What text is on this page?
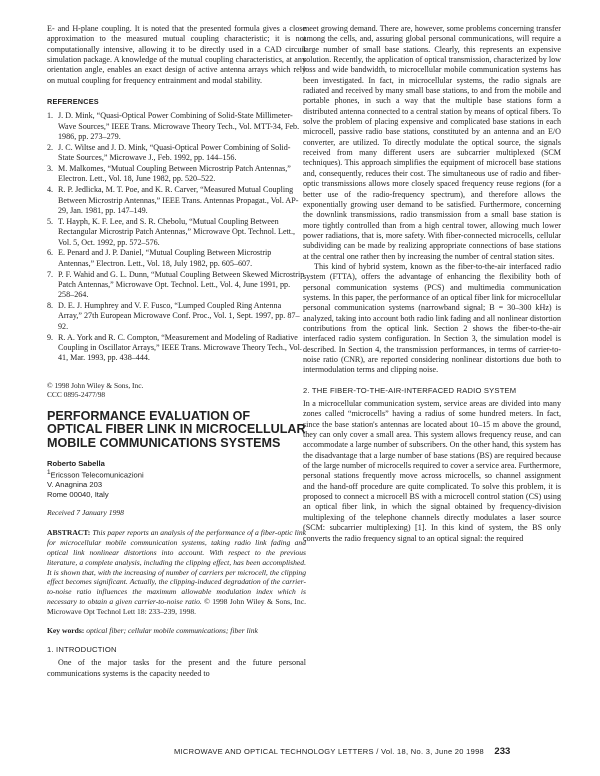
E- and H-plane coupling. It is noted that the presented formula gives a close approximation to the measured mutual coupling characteristic; it is not computationally intensive, allowing it to be directly used in a CAD circuit simulation package. A knowledge of the mutual coupling characteristics, at any orientation angle, enables an exact design of active antenna arrays which rely on mutual coupling for frequency entrainment and modal stability.

REFERENCES
1. J. D. Mink, “Quasi-Optical Power Combining of Solid-State Millimeter-Wave Sources,” IEEE Trans. Microwave Theory Tech., Vol. MTT-34, Feb. 1986, pp. 273–279.
2. J. C. Wiltse and J. D. Mink, “Quasi-Optical Power Combining of Solid-State Sources,” Microwave J., Feb. 1992, pp. 144–156.
3. M. Malkomes, “Mutual Coupling Between Microstrip Patch Antennas,” Electron. Lett., Vol. 18, June 1982, pp. 520–522.
4. R. P. Jedlicka, M. T. Poe, and K. R. Carver, “Measured Mutual Coupling Between Microstrip Antennas,” IEEE Trans. Antennas Propagat., Vol. AP-29, Jan. 1981, pp. 147–149.
5. T. Hayph, K. F. Lee, and S. R. Chebolu, “Mutual Coupling Between Rectangular Microstrip Patch Antennas,” Microwave Opt. Technol. Lett., Vol. 5, Oct. 1992, pp. 572–576.
6. E. Penard and J. P. Daniel, “Mutual Coupling Between Microstrip Antennas,” Electron. Lett., Vol. 18, July 1982, pp. 605–607.
7. P. F. Wahid and G. L. Dunn, “Mutual Coupling Between Skewed Microstrip Patch Antennas,” Microwave Opt. Technol. Lett., Vol. 4, June 1991, pp. 258–264.
8. D. E. J. Humphrey and V. F. Fusco, “Lumped Coupled Ring Antenna Array,” 27th European Microwave Conf. Proc., Vol. 1, Sept. 1997, pp. 87–92.
9. R. A. York and R. C. Compton, “Measurement and Modeling of Radiative Coupling in Oscillator Arrays,” IEEE Trans. Microwave Theory Tech., Vol. 41, Mar. 1993, pp. 438–444.
© 1998 John Wiley & Sons, Inc.
CCC 0895-2477/98
PERFORMANCE EVALUATION OF OPTICAL FIBER LINK IN MICROCELLULAR MOBILE COMMUNICATIONS SYSTEMS
Roberto Sabella
$^1$Ericsson Telecomunicazioni
V. Anagnina 203
Rome 00040, Italy
Received 7 January 1998

ABSTRACT: This paper reports an analysis of the performance of a fiber-optic link for microcellular mobile communication systems, taking radio link fading and optical link nonlinear distortions into account. With respect to the previous literature, a complete analysis, including the clipping effect, has been accomplished. It is shown that, with the increasing of number of carriers per microcell, the clipping effect becomes significant. Actually, the clipping-induced degradation of the carrier-to-noise ratio influences the maximum allowable modulation index which is necessary to obtain a given carrier-to-noise ratio. © 1998 John Wiley & Sons, Inc. Microwave Opt Technol Lett 18: 233–239, 1998.

Key words: optical fiber; cellular mobile communications; fiber link

1. INTRODUCTION

One of the major tasks for the present and the future personal communications systems is the capacity needed to

meet growing demand. There are, however, some problems concerning transfer among the cells, and, assuring global personal communications, will require a large number of small base stations. Clearly, this represents an expensive solution. Recently, the application of optical transmission, characterized by low loss and wide bandwidth, to microcellular mobile communication systems has been investigated. In fact, in microcellular systems, the radio signals are radiated and received by many small base stations, to and from the mobile and portable phones, in such a way that the multiple base stations form a distributed antenna connected to a central station by means of optical fibers. To solve the problem of placing expensive and complicated base stations in each microcell, passive radio base stations, constituted by an antenna and an E/O converter, are utilized. To directly modulate the optical source, the signals received from many different users are subcarrier multiplexed (SCM techniques). This approach simplifies the equipment of microcell base stations and, consequently, reduces their cost. The simultaneous use of radio and fiber-optic transmissions allows more closely spaced frequency reuse regions (for a better use of the radio-frequency spectrum), and therefore allows the exponentially growing user demand to be satisfied. Furthermore, concerning the downlink transmissions, radio transmission from a small base station is more tightly controlled than from a high central tower, allowing much lower power radiations, that is, more safety. With fiber-connected microcells, cellular subdividing can be made by realizing appropriate connections of base stations at the central one rather then by increasing the number of central station sites.

This kind of hybrid system, known as the fiber-to-the-air interfaced radio system (FTTA), offers the advantage of enhancing the flexibility both of personal communication systems (PCS) and multimedia communication systems. In this paper, the performance of an optical fiber link for microcellular personal communication systems (narrowband signal; B = 30–300 kHz) is analyzed, taking into account both radio link fading and all nonlinear distortion contributions from the optical link. Section 2 shows the fiber-to-the-air interfaced radio system configuration. In Section 3, the simulation model is described. In Section 4, the transmission performances, in terms of carrier-to-noise ratio (CNR), are reported considering nonlinear distortions due both to intermodulation terms and clipping noise.

2. THE FIBER-TO-THE-AIR-INTERFACED RADIO SYSTEM

In a microcellular communication system, service areas are divided into many zones called “microcells” having a radius of some hundred meters. In fact, since the base station's antennas are located about 10–15 m above the ground, they can only cover a small area. This system allows frequency reuse, and can accommodate a large number of subscribers. On the other hand, this system has the disadvantage that a large number of base stations (BS) are required because of the large number of microcells required to cover a service area. Furthermore, personal stations frequently move across microcells, so channel assignment and the hand-off procedure are quite complicated. To solve this problem, it is proposed to connect a microcell BS with a microcell control station (CS) using an optical fiber link, in which the signal obtained by frequency-division multiplexing of the telephone channels directly modulates a laser source (SCM: subcarrier multiplexing) [1]. In this kind of system, the BS only converts the radio frequency signal to an optical signal: the required

MICROWAVE AND OPTICAL TECHNOLOGY LETTERS / Vol. 18, No. 3, June 20 1998 233
